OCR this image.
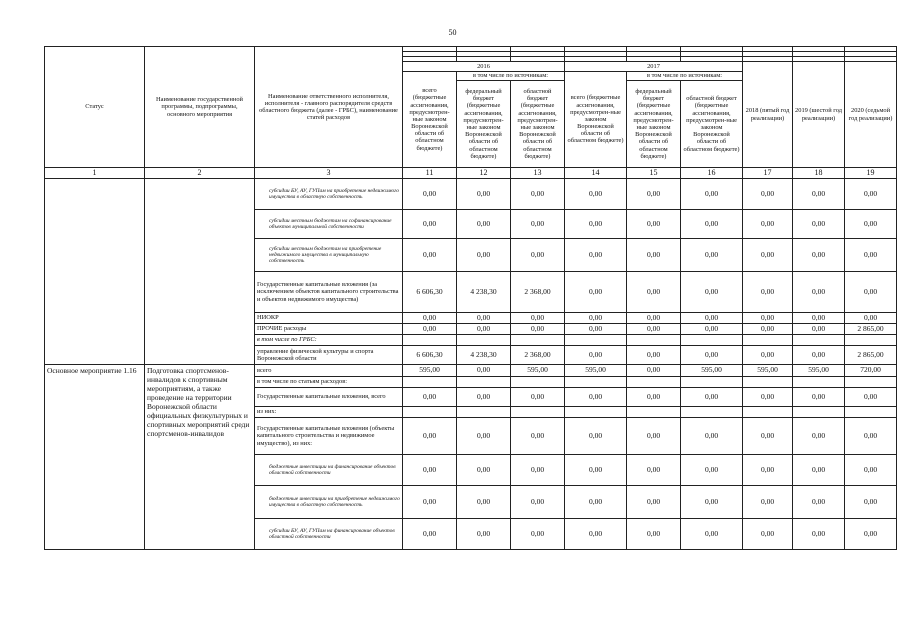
50
Статус	Наименование государственной программы, подпрограммы, основного мероприятия	Наименование ответственного исполнителя, исполнителя - главного распорядителя средств областного бюджета (далее - ГРБС), наименование статей расходов									

			2016			2017			2018 (пятый год реализации)	2019 (шестой год реализации)	2020 (седьмой год реализации)
			всего (бюджетные ассигнования, предусмотрен-ные законом Воронежской области об областном бюджете)	в том числе по источникам:		всего (бюджетные ассигнования, предусмотрен-ные законом Воронежской области об областном бюджете)	в том числе по источникам:				
				федеральный бюджет (бюджетные ассигнования, предусмотрен-ные законом Воронежской области об областном бюджете)	областной бюджет (бюджетные ассигнования, предусмотрен-ные законом Воронежской области об областном бюджете)		федеральный бюджет (бюджетные ассигнования, предусмотрен-ные законом Воронежской области об областном бюджете)	областной бюджет (бюджетные ассигнования, предусмотрен-ные законом Воронежской области об областном бюджете)			
1	2	3	11	12	13	14	15	16	17	18	19
		субсидии БУ, АУ, ГУПам на приобретение недвижимого имущества в областную собственность	0,00	0,00	0,00	0,00	0,00	0,00	0,00	0,00	0,00
		субсидии местным бюджетам на софинансирование объектов муниципальной собственности	0,00	0,00	0,00	0,00	0,00	0,00	0,00	0,00	0,00
		субсидии местным бюджетам на приобретение недвижимого имущества в муниципальную собственность	0,00	0,00	0,00	0,00	0,00	0,00	0,00	0,00	0,00
		Государственные капитальные вложения (за исключением объектов капитального строительства и объектов недвижимого имущества)	6 606,30	4 238,30	2 368,00	0,00	0,00	0,00	0,00	0,00	0,00
		НИОКР	0,00	0,00	0,00	0,00	0,00	0,00	0,00	0,00	0,00
		ПРОЧИЕ расходы	0,00	0,00	0,00	0,00	0,00	0,00	0,00	0,00	2 865,00
		в том числе по ГРБС:									
		управление физической культуры и спорта Воронежской области	6 606,30	4 238,30	2 368,00	0,00	0,00	0,00	0,00	0,00	2 865,00
Основное мероприятие 1.16	Подготовка спортсменов-инвалидов к спортивным мероприятиям, а также проведение на территории Воронежской области официальных физкультурных и спортивных мероприятий среди спортсменов-инвалидов	всего	595,00	0,00	595,00	595,00	0,00	595,00	595,00	595,00	720,00
		в том числе по статьям расходов:									
		Государственные капитальные вложения, всего	0,00	0,00	0,00	0,00	0,00	0,00	0,00	0,00	0,00
		из них:									
		Государственные капитальные вложения (объекты капитального строительства и недвижимое имущество), из них:	0,00	0,00	0,00	0,00	0,00	0,00	0,00	0,00	0,00
		бюджетные инвестиции на финансирование объектов областной собственности	0,00	0,00	0,00	0,00	0,00	0,00	0,00	0,00	0,00
		бюджетные инвестиции на приобретение недвижимого имущества в областную собственность	0,00	0,00	0,00	0,00	0,00	0,00	0,00	0,00	0,00
		субсидии БУ, АУ, ГУПам на финансирование объектов областной собственности	0,00	0,00	0,00	0,00	0,00	0,00	0,00	0,00	0,00
